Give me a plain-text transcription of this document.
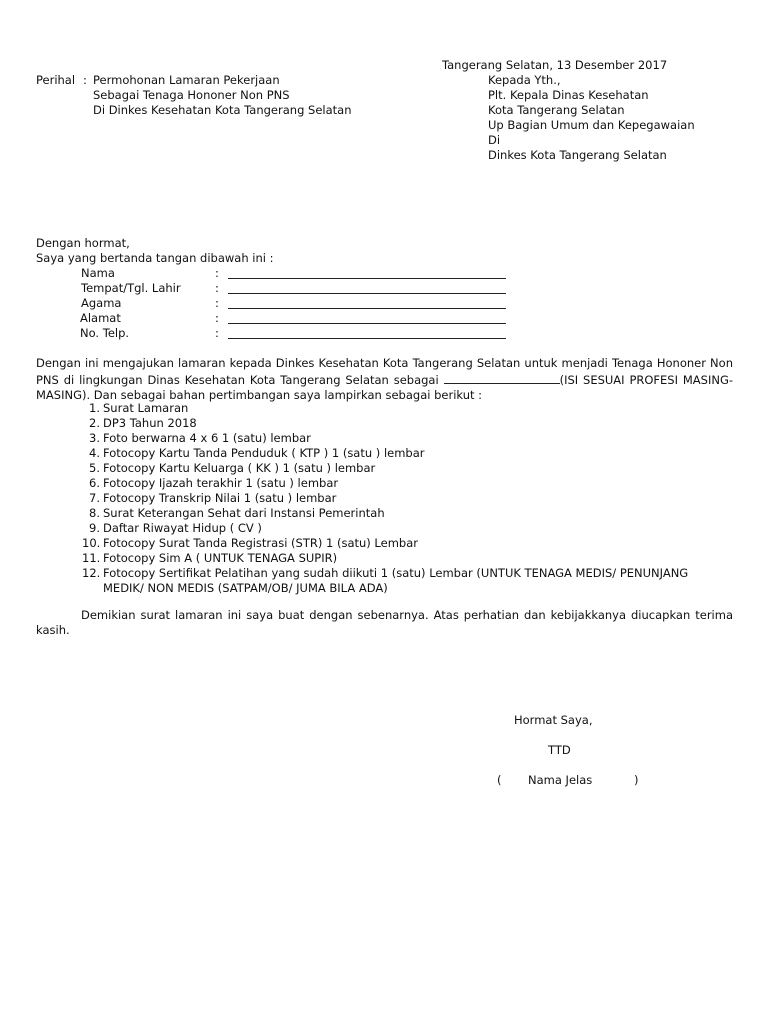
Tangerang Selatan, 13 Desember 2017
Perihal : Permohonan Lamaran Pekerjaan
Sebagai Tenaga Hononer Non PNS
Di Dinkes Kesehatan Kota Tangerang Selatan
Kepada Yth.,
Plt. Kepala Dinas Kesehatan
Kota Tangerang Selatan
Up Bagian Umum dan Kepegawaian
Di
Dinkes Kota Tangerang Selatan
Dengan hormat,
Saya yang bertanda tangan dibawah ini :
Nama	:
Tempat/Tgl. Lahir	:
Agama	:
Alamat	:
No. Telp.	:
Dengan ini mengajukan lamaran kepada Dinkes Kesehatan Kota Tangerang Selatan untuk menjadi Tenaga Hononer Non PNS di lingkungan Dinas Kesehatan Kota Tangerang Selatan sebagai	(ISI SESUAI PROFESI MASING-MASING). Dan sebagai bahan pertimbangan saya lampirkan sebagai berikut :
1. Surat Lamaran
2. DP3 Tahun 2018
3. Foto berwarna 4 x 6 1 (satu) lembar
4. Fotocopy Kartu Tanda Penduduk ( KTP ) 1 (satu ) lembar
5. Fotocopy Kartu Keluarga ( KK ) 1 (satu ) lembar
6. Fotocopy Ijazah terakhir 1 (satu ) lembar
7. Fotocopy Transkrip Nilai 1 (satu ) lembar
8. Surat Keterangan Sehat dari Instansi Pemerintah
9. Daftar Riwayat Hidup ( CV )
10. Fotocopy Surat Tanda Registrasi (STR) 1 (satu) Lembar
11. Fotocopy Sim A ( UNTUK TENAGA SUPIR)
12. Fotocopy Sertifikat Pelatihan yang sudah diikuti 1 (satu) Lembar (UNTUK TENAGA MEDIS/ PENUNJANG MEDIK/ NON MEDIS (SATPAM/OB/ JUMA BILA ADA)
Demikian surat lamaran ini saya buat dengan sebenarnya. Atas perhatian dan kebijakkanya diucapkan terima kasih.
Hormat Saya,
TTD
( Nama Jelas	)
